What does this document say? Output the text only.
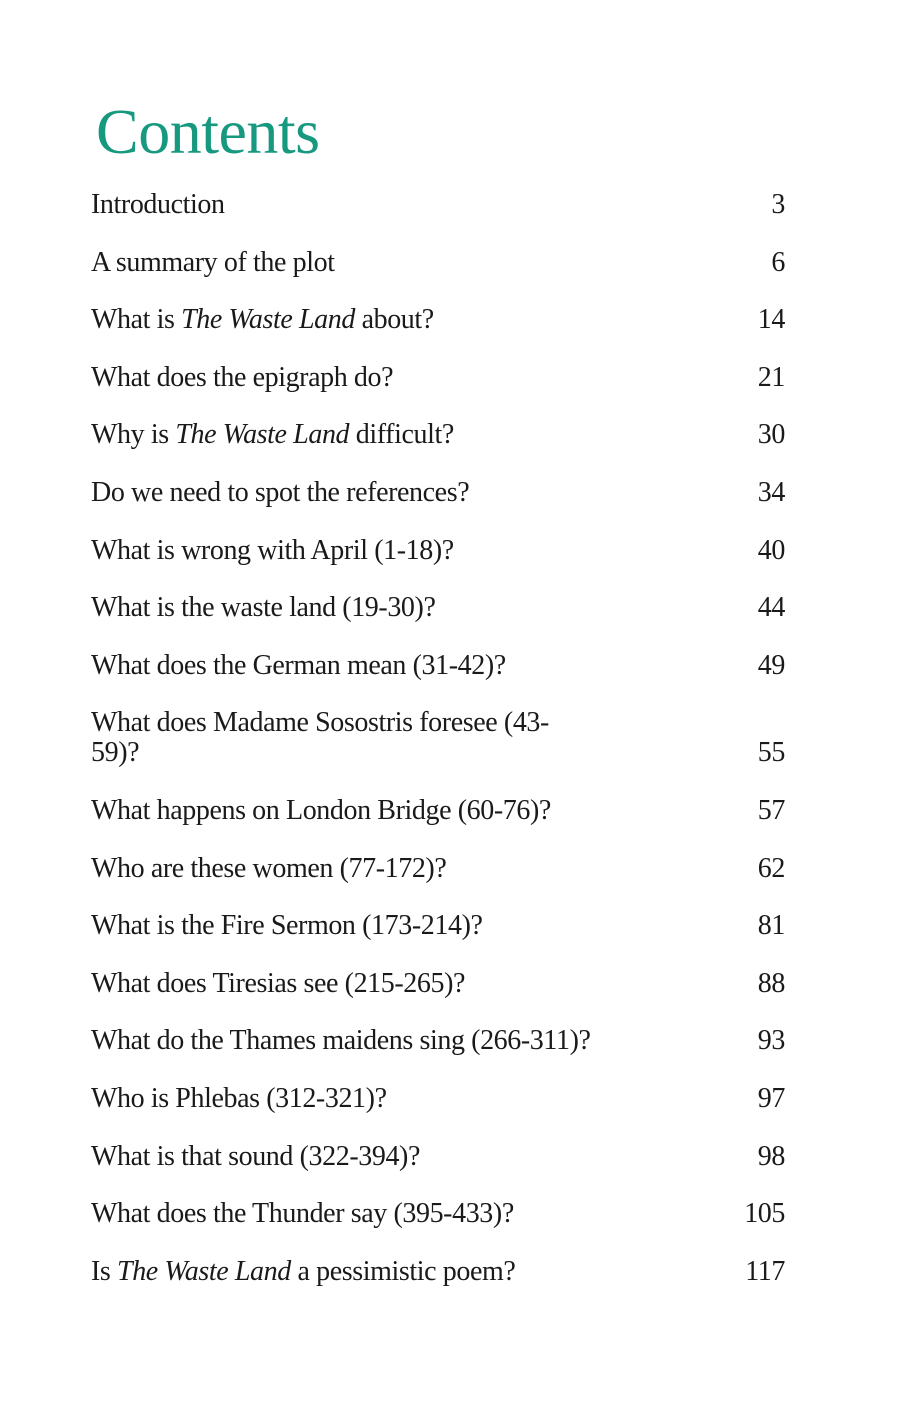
Contents
Introduction	3
A summary of the plot	6
What is The Waste Land about?	14
What does the epigraph do?	21
Why is The Waste Land difficult?	30
Do we need to spot the references?	34
What is wrong with April (1-18)?	40
What is the waste land (19-30)?	44
What does the German mean (31-42)?	49
What does Madame Sosostris foresee (43-59)?	55
What happens on London Bridge (60-76)?	57
Who are these women (77-172)?	62
What is the Fire Sermon (173-214)?	81
What does Tiresias see (215-265)?	88
What do the Thames maidens sing (266-311)?	93
Who is Phlebas (312-321)?	97
What is that sound (322-394)?	98
What does the Thunder say (395-433)?	105
Is The Waste Land a pessimistic poem?	117
